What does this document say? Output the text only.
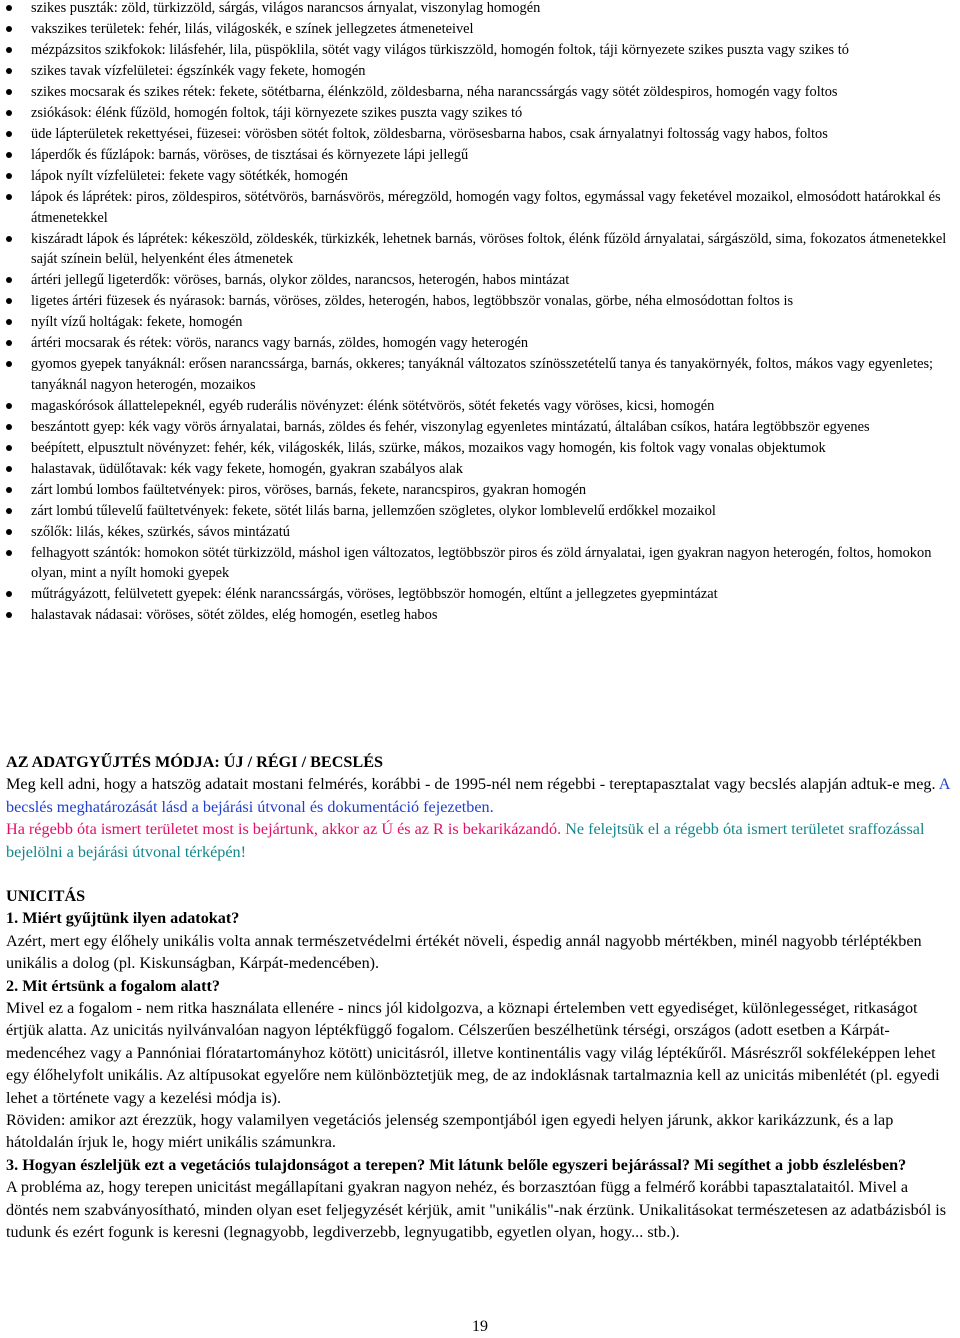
szikes puszták: zöld, türkizzöld, sárgás, világos narancsos árnyalat, viszonylag homogén
vakszikes területek: fehér, lilás, világoskék, e színek jellegzetes átmeneteivel
mézpázsitos szikfokok: lilásfehér, lila, püspöklila, sötét vagy világos türkiszzöld, homogén foltok, táji környezete szikes puszta vagy szikes tó
szikes tavak vízfelületei: égszínkék vagy fekete, homogén
szikes mocsarak és szikes rétek: fekete, sötétbarna, élénkzöld, zöldesbarna, néha narancssárgás vagy sötét zöldespiros, homogén vagy foltos
zsiókások: élénk fűzöld, homogén foltok, táji környezete szikes puszta vagy szikes tó
üde lápterületek rekettyései, füzesei: vörösben sötét foltok, zöldesbarna, vörösesbarna habos, csak árnyalatnyi foltosság vagy habos, foltos
láperdők és fűzlápok: barnás, vöröses, de tisztásai és környezete lápi jellegű
lápok nyílt vízfelületei: fekete vagy sötétkék, homogén
lápok és láprétek: piros, zöldespiros, sötétvörös, barnásvörös, méregzöld, homogén vagy foltos, egymással vagy feketével mozaikol, elmosódott határokkal és átmenetekkel
kiszáradt lápok és láprétek: kékeszöld, zöldeskék, türkizkék, lehetnek barnás, vöröses foltok, élénk fűzöld árnyalatai, sárgászöld, sima, fokozatos átmenetekkel saját színein belül, helyenként éles átmenetek
ártéri jellegű ligeterdők: vöröses, barnás, olykor zöldes, narancsos, heterogén, habos mintázat
ligetes ártéri füzesek és nyárasok: barnás, vöröses, zöldes, heterogén, habos, legtöbbször vonalas, görbe, néha elmosódottan foltos is
nyílt vízű holtágak: fekete, homogén
ártéri mocsarak és rétek: vörös, narancs vagy barnás, zöldes, homogén vagy heterogén
gyomos gyepek tanyáknál: erősen narancssárga, barnás, okkeres; tanyáknál változatos színösszetételű tanya és tanyakörnyék, foltos, mákos vagy egyenletes; tanyáknál nagyon heterogén, mozaikos
magaskórósok állattelepeknél, egyéb ruderális növényzet: élénk sötétvörös, sötét feketés vagy vöröses, kicsi, homogén
beszántott gyep: kék vagy vörös árnyalatai, barnás, zöldes és fehér, viszonylag egyenletes mintázatú, általában csíkos, határa legtöbbször egyenes
beépített, elpusztult növényzet: fehér, kék, világoskék, lilás, szürke, mákos, mozaikos vagy homogén, kis foltok vagy vonalas objektumok
halastavak, üdülőtavak: kék vagy fekete, homogén, gyakran szabályos alak
zárt lombú lombos faültetvények: piros, vöröses, barnás, fekete, narancspiros, gyakran homogén
zárt lombú tűlevelű faültetvények: fekete, sötét lilás barna, jellemzően szögletes, olykor lomblevelű erdőkkel mozaikol
szőlők: lilás, kékes, szürkés, sávos mintázatú
felhagyott szántók: homokon sötét türkizzöld, máshol igen változatos, legtöbbször piros és zöld árnyalatai, igen gyakran nagyon heterogén, foltos, homokon olyan, mint a nyílt homoki gyepek
műtrágyázott, felülvetett gyepek: élénk narancssárgás, vöröses, legtöbbször homogén, eltűnt a jellegzetes gyepmintázat
halastavak nádasai: vöröses, sötét zöldes, elég homogén, esetleg habos
AZ ADATGYŰJTÉS MÓDJA: ÚJ / RÉGI / BECSLÉS

Meg kell adni, hogy a hatszög adatait mostani felmérés, korábbi - de 1995-nél nem régebbi - tereptapasztalat vagy becslés alapján adtuk-e meg. A becslés meghatározását lásd a bejárási útvonal és dokumentáció fejezetben.
Ha régebb óta ismert területet most is bejártunk, akkor az Ú és az R is bekarikázandó. Ne felejtsük el a régebb óta ismert területet sraffozással bejelölni a bejárási útvonal térképén!

UNICITÁS
1. Miért gyűjtünk ilyen adatokat?

Azért, mert egy élőhely unikális volta annak természetvédelmi értékét növeli, éspedig annál nagyobb mértékben, minél nagyobb térléptékben unikális a dolog (pl. Kiskunságban, Kárpát-medencében).

2. Mit értsünk a fogalom alatt?

Mivel ez a fogalom - nem ritka használata ellenére - nincs jól kidolgozva, a köznapi értelemben vett egyediséget, különlegességet, ritkaságot értjük alatta. Az unicitás nyilvánvalóan nagyon léptékfüggő fogalom. Célszerűen beszélhetünk térségi, országos (adott esetben a Kárpát-medencéhez vagy a Pannóniai flóratartományhoz kötött) unicitásról, illetve kontinentális vagy világ léptékűről. Másrészről sokféleképpen lehet egy élőhelyfolt unikális. Az altípusokat egyelőre nem különböztetjük meg, de az indoklásnak tartalmaznia kell az unicitás mibenlétét (pl. egyedi lehet a története vagy a kezelési módja is).

Röviden: amikor azt érezzük, hogy valamilyen vegetációs jelenség szempontjából igen egyedi helyen járunk, akkor karikázzunk, és a lap hátoldalán írjuk le, hogy miért unikális számunkra.

3. Hogyan észleljük ezt a vegetációs tulajdonságot a terepen? Mit látunk belőle egyszeri bejárással? Mi segíthet a jobb észlelésben?

A probléma az, hogy terepen unicitást megállapítani gyakran nagyon nehéz, és borzasztóan függ a felmérő korábbi tapasztalataitól. Mivel a döntés nem szabványosítható, minden olyan eset feljegyzését kérjük, amit "unikális"-nak érzünk. Unikalitásokat természetesen az adatbázisból is tudunk és ezért fogunk is keresni (legnagyobb, legdiverzebb, legnyugatibb, egyetlen olyan, hogy... stb.).

19
